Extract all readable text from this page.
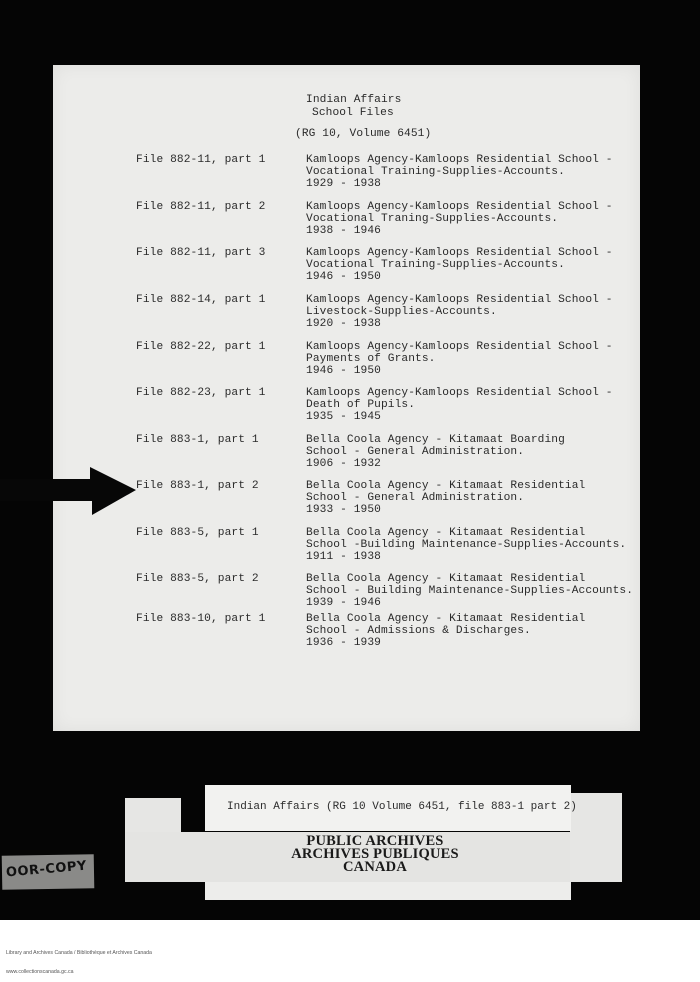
Indian Affairs
School Files
(RG 10, Volume 6451)
File 882-11, part 1	Kamloops Agency-Kamloops Residential School -
Vocational Training-Supplies-Accounts.
1929 - 1938
File 882-11, part 2	Kamloops Agency-Kamloops Residential School -
Vocational Traning-Supplies-Accounts.
1938 - 1946
File 882-11, part 3	Kamloops Agency-Kamloops Residential School -
Vocational Training-Supplies-Accounts.
1946 - 1950
File 882-14, part 1	Kamloops Agency-Kamloops Residential School -
Livestock-Supplies-Accounts.
1920 - 1938
File 882-22, part 1	Kamloops Agency-Kamloops Residential School -
Payments of Grants.
1946 - 1950
File 882-23, part 1	Kamloops Agency-Kamloops Residential School -
Death of Pupils.
1935 - 1945
File 883-1, part 1	Bella Coola Agency - Kitamaat Boarding
School - General Administration.
1906 - 1932
File 883-1, part 2	Bella Coola Agency - Kitamaat Residential
School - General Administration.
1933 - 1950
File 883-5, part 1	Bella Coola Agency - Kitamaat Residential
School -Building Maintenance-Supplies-Accounts.
1911 - 1938
File 883-5, part 2	Bella Coola Agency - Kitamaat Residential
School - Building Maintenance-Supplies-Accounts.
1939 - 1946
File 883-10, part 1	Bella Coola Agency - Kitamaat Residential
School - Admissions & Discharges.
1936 - 1939
Indian Affairs (RG 10 Volume 6451, file 883-1 part 2)
PUBLIC ARCHIVES
ARCHIVES PUBLIQUES
CANADA
OOR-COPY

Library and Archives Canada / Bibliothèque et Archives Canada

www.collectionscanada.gc.ca
